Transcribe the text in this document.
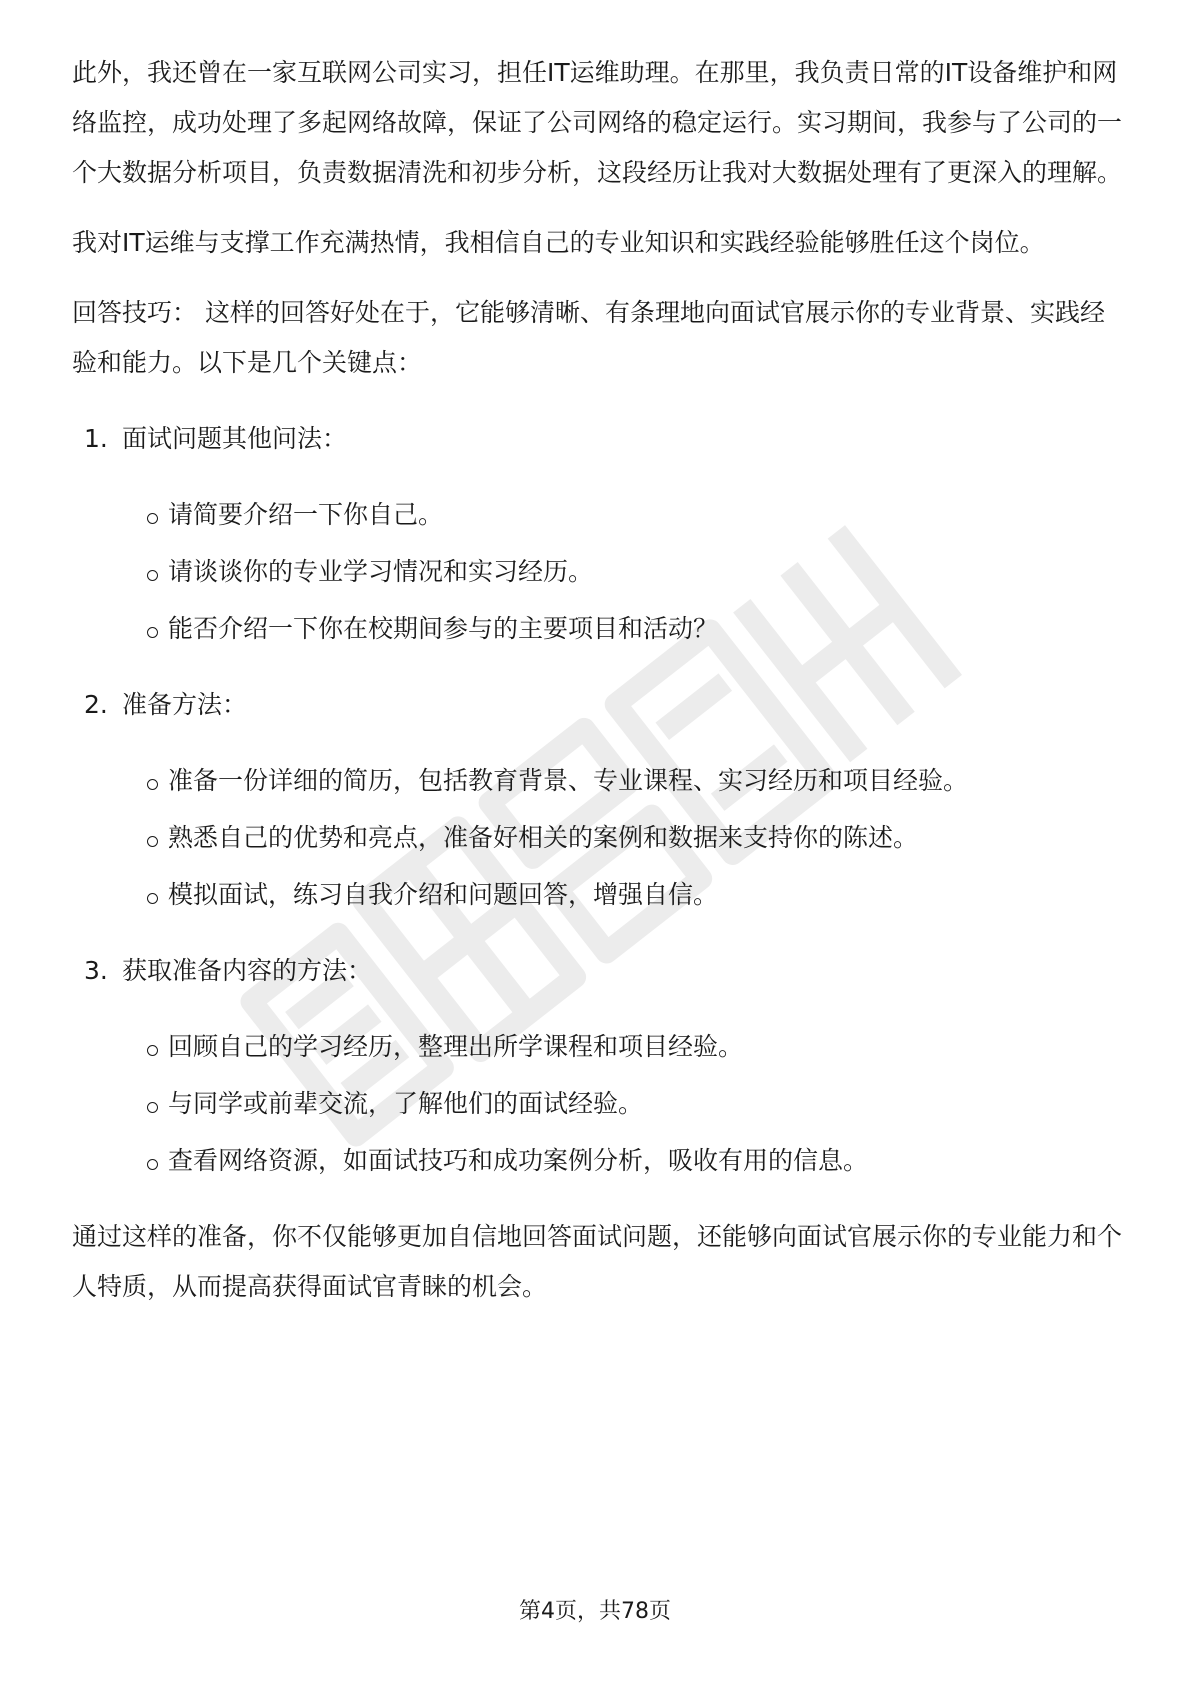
此外，我还曾在一家互联网公司实习，担任IT运维助理。在那里，我负责日常的IT设备维护和网络监控，成功处理了多起网络故障，保证了公司网络的稳定运行。实习期间，我参与了公司的一个大数据分析项目，负责数据清洗和初步分析，这段经历让我对大数据处理有了更深入的理解。

我对IT运维与支撑工作充满热情，我相信自己的专业知识和实践经验能够胜任这个岗位。

回答技巧： 这样的回答好处在于，它能够清晰、有条理地向面试官展示你的专业背景、实践经验和能力。以下是几个关键点：

1. 面试问题其他问法：
请简要介绍一下你自己。
请谈谈你的专业学习情况和实习经历。
能否介绍一下你在校期间参与的主要项目和活动？
2. 准备方法：
准备一份详细的简历，包括教育背景、专业课程、实习经历和项目经验。
熟悉自己的优势和亮点，准备好相关的案例和数据来支持你的陈述。
模拟面试，练习自我介绍和问题回答，增强自信。
3. 获取准备内容的方法：
回顾自己的学习经历，整理出所学课程和项目经验。
与同学或前辈交流，了解他们的面试经验。
查看网络资源，如面试技巧和成功案例分析，吸收有用的信息。

通过这样的准备，你不仅能够更加自信地回答面试问题，还能够向面试官展示你的专业能力和个人特质，从而提高获得面试官青睐的机会。

第4页，共78页
